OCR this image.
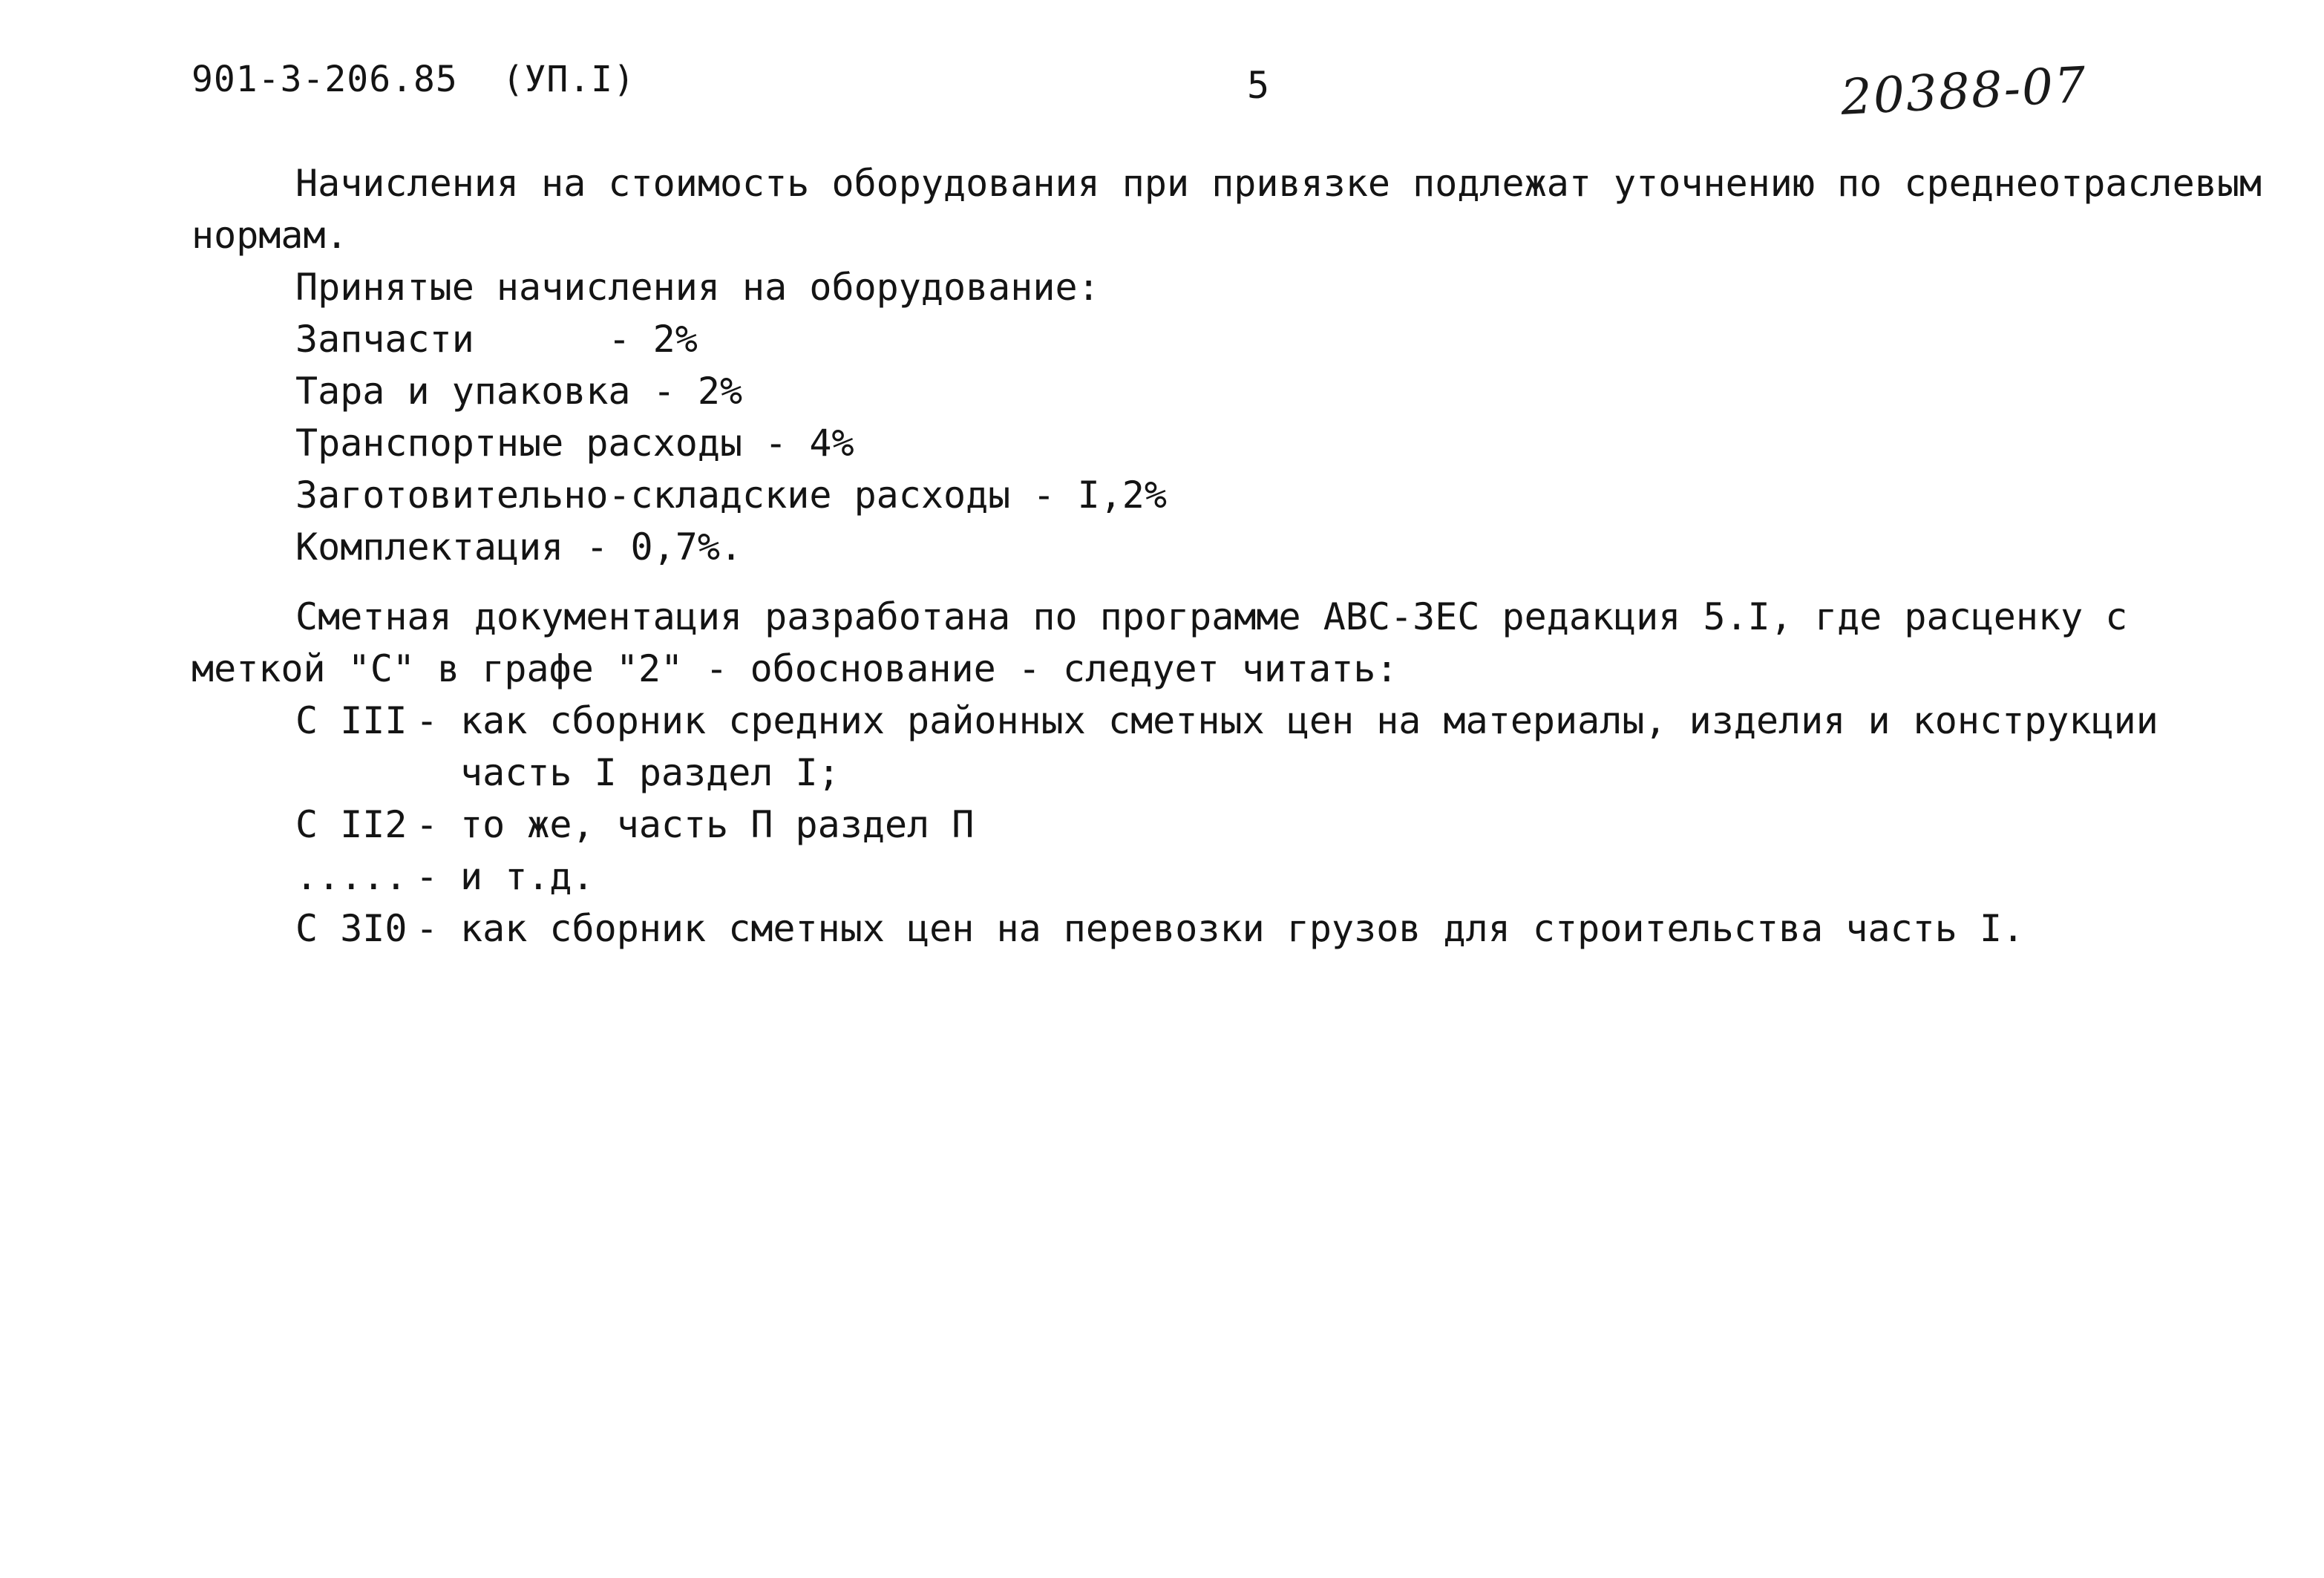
901-3-206.85  (УП.I)	5	20388-07
Начисления на стоимость оборудования при привязке подлежат уточнению по среднеотраслевым
нормам.
Принятые начисления на оборудование:
Запчасти      - 2%
Тара и упаковка - 2%
Транспортные расходы - 4%
Заготовительно-складские расходы - I,2%
Комплектация - 0,7%.
Сметная документация разработана по программе АВС-3ЕС редакция 5.I, где расценку с
меткой "С" в графе "2" - обоснование - следует читать:
С III - как сборник средних районных сметных цен на материалы, изделия и конструкции
часть I раздел I;
С II2 - то же, часть П раздел П
..... - и т.д.
С 3I0 - как сборник сметных цен на перевозки грузов для строительства часть I.
